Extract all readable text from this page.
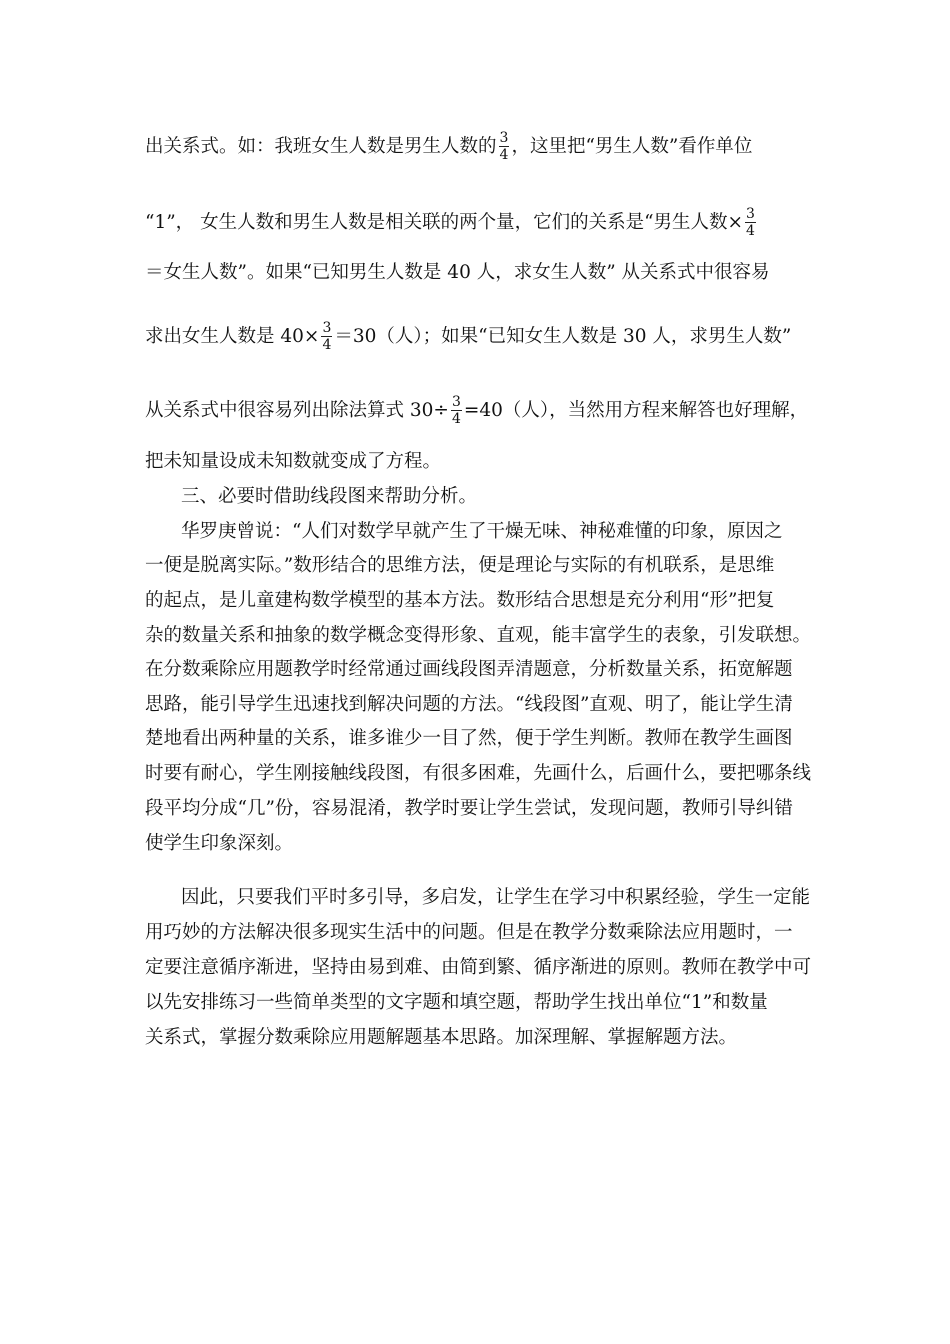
出关系式。如：我班女生人数是男生人数的 $\frac{3}{4}$ ，这里把“男生人数”看作单位
“1”， 女生人数和男生人数是相关联的两个量，它们的关系是“男生人数× $\frac{3}{4}$
＝女生人数”。如果“已知男生人数是 40 人，求女生人数” 从关系式中很容易
求出女生人数是 $40\times \frac{3}{4} =30$（人）；如果“已知女生人数是 30 人，求男生人数”
从关系式中很容易列出除法算式 $30\div \frac{3}{4} =40$（人），当然用方程来解答也好理解，
把未知量设成未知数就变成了方程。
三、必要时借助线段图来帮助分析。
华罗庚曾说：“人们对数学早就产生了干燥无味、神秘难懂的印象，原因之
一便是脱离实际。”数形结合的思维方法，便是理论与实际的有机联系，是思维
的起点，是儿童建构数学模型的基本方法。数形结合思想是充分利用“形”把复
杂的数量关系和抽象的数学概念变得形象、直观，能丰富学生的表象，引发联想。
在分数乘除应用题教学时经常通过画线段图弄清题意，分析数量关系，拓宽解题
思路，能引导学生迅速找到解决问题的方法。“线段图”直观、明了，能让学生清
楚地看出两种量的关系，谁多谁少一目了然，便于学生判断。教师在教学生画图
时要有耐心，学生刚接触线段图，有很多困难，先画什么，后画什么，要把哪条线
段平均分成“几”份，容易混淆，教学时要让学生尝试，发现问题，教师引导纠错
使学生印象深刻。
因此，只要我们平时多引导，多启发，让学生在学习中积累经验，学生一定能
用巧妙的方法解决很多现实生活中的问题。但是在教学分数乘除法应用题时，一
定要注意循序渐进，坚持由易到难、由简到繁、循序渐进的原则。教师在教学中可
以先安排练习一些简单类型的文字题和填空题，帮助学生找出单位“1”和数量
关系式，掌握分数乘除应用题解题基本思路。加深理解、掌握解题方法。
